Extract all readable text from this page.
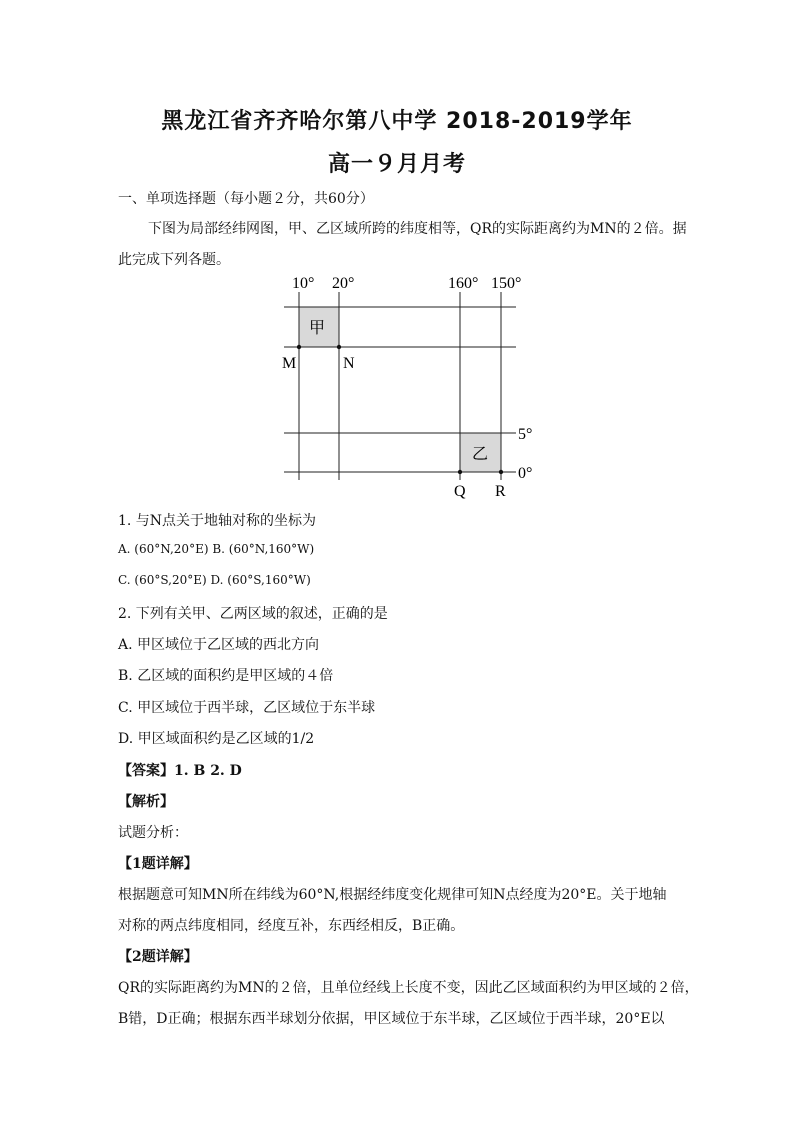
黑龙江省齐齐哈尔第八中学 2018-2019学年
高一９月月考
一、单项选择题（每小题２分，共60分）
下图为局部经纬网图，甲、乙区域所跨的纬度相等，QR的实际距离约为MN的２倍。据
此完成下列各题。
10° 20°	160° 150°
5°
0°
M	N
Q R
甲
乙
1. 与N点关于地轴对称的坐标为
A. (60°N,20°E) B. (60°N,160°W)
C. (60°S,20°E) D. (60°S,160°W)
2. 下列有关甲、乙两区域的叙述，正确的是
A. 甲区域位于乙区域的西北方向
B. 乙区域的面积约是甲区域的４倍
C. 甲区域位于西半球，乙区域位于东半球
D. 甲区域面积约是乙区域的1/2
【答案】1. B 2. D
【解析】
试题分析：
【1题详解】
根据题意可知MN所在纬线为60°N,根据经纬度变化规律可知N点经度为20°E。关于地轴
对称的两点纬度相同，经度互补，东西经相反，B正确。
【2题详解】
QR的实际距离约为MN的２倍，且单位经线上长度不变，因此乙区域面积约为甲区域的２倍，
B错，D正确；根据东西半球划分依据，甲区域位于东半球，乙区域位于西半球，20°E以
